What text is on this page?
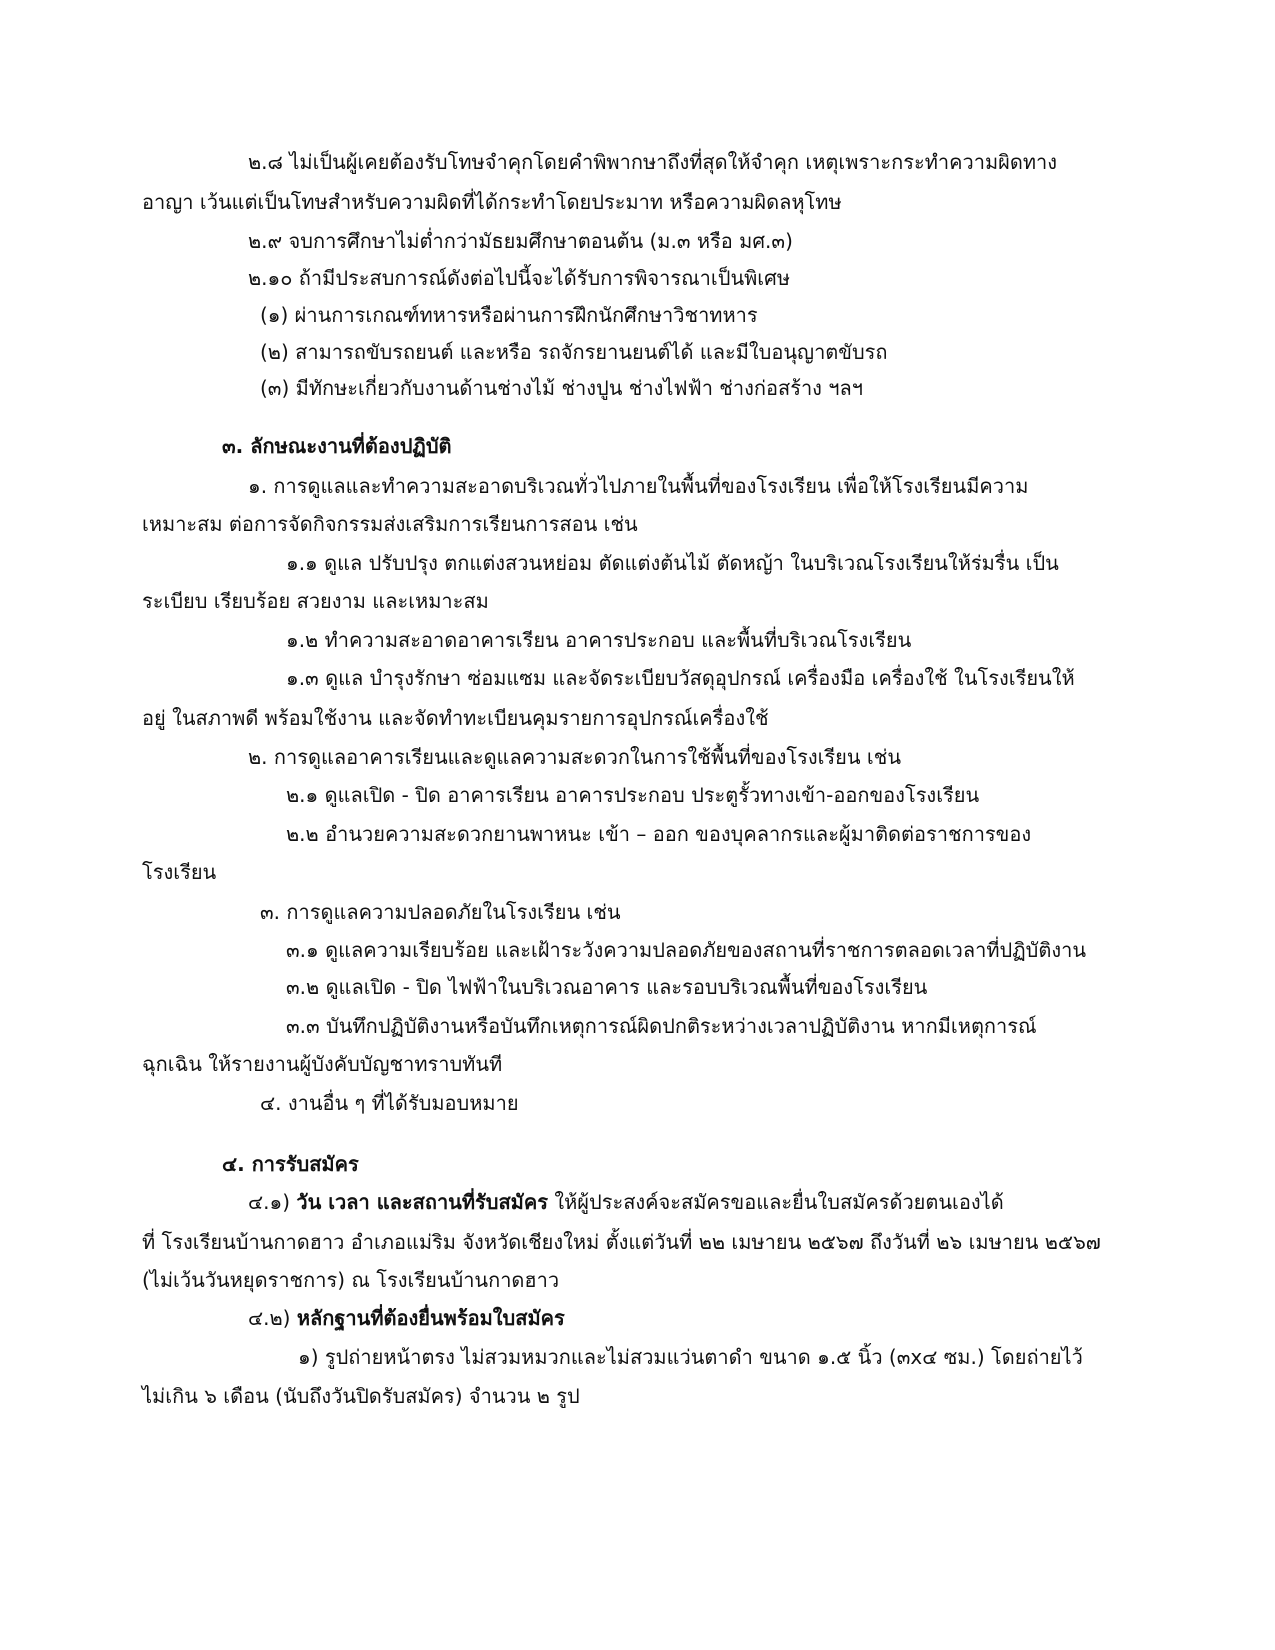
๒.๘ ไม่เป็นผู้เคยต้องรับโทษจำคุกโดยคำพิพากษาถึงที่สุดให้จำคุก เหตุเพราะกระทำความผิดทาง
อาญา เว้นแต่เป็นโทษสำหรับความผิดที่ได้กระทำโดยประมาท หรือความผิดลหุโทษ
๒.๙ จบการศึกษาไม่ต่ำกว่ามัธยมศึกษาตอนต้น (ม.๓ หรือ มศ.๓)
๒.๑๐ ถ้ามีประสบการณ์ดังต่อไปนี้จะได้รับการพิจารณาเป็นพิเศษ
(๑) ผ่านการเกณฑ์ทหารหรือผ่านการฝึกนักศึกษาวิชาทหาร
(๒) สามารถขับรถยนต์ และหรือ รถจักรยานยนต์ได้ และมีใบอนุญาตขับรถ
(๓) มีทักษะเกี่ยวกับงานด้านช่างไม้ ช่างปูน ช่างไฟฟ้า ช่างก่อสร้าง ฯลฯ
๓. ลักษณะงานที่ต้องปฏิบัติ
๑. การดูแลและทำความสะอาดบริเวณทั่วไปภายในพื้นที่ของโรงเรียน เพื่อให้โรงเรียนมีความ
เหมาะสม ต่อการจัดกิจกรรมส่งเสริมการเรียนการสอน เช่น
๑.๑ ดูแล ปรับปรุง ตกแต่งสวนหย่อม ตัดแต่งต้นไม้ ตัดหญ้า ในบริเวณโรงเรียนให้ร่มรื่น เป็น
ระเบียบ เรียบร้อย สวยงาม และเหมาะสม
๑.๒ ทำความสะอาดอาคารเรียน อาคารประกอบ และพื้นที่บริเวณโรงเรียน
๑.๓ ดูแล บำรุงรักษา ซ่อมแซม และจัดระเบียบวัสดุอุปกรณ์ เครื่องมือ เครื่องใช้ ในโรงเรียนให้
อยู่ ในสภาพดี พร้อมใช้งาน และจัดทำทะเบียนคุมรายการอุปกรณ์เครื่องใช้
๒. การดูแลอาคารเรียนและดูแลความสะดวกในการใช้พื้นที่ของโรงเรียน เช่น
๒.๑ ดูแลเปิด - ปิด อาคารเรียน อาคารประกอบ ประตูรั้วทางเข้า-ออกของโรงเรียน
๒.๒ อำนวยความสะดวกยานพาหนะ เข้า – ออก ของบุคลากรและผู้มาติดต่อราชการของ
โรงเรียน
๓. การดูแลความปลอดภัยในโรงเรียน เช่น
๓.๑ ดูแลความเรียบร้อย และเฝ้าระวังความปลอดภัยของสถานที่ราชการตลอดเวลาที่ปฏิบัติงาน
๓.๒ ดูแลเปิด - ปิด ไฟฟ้าในบริเวณอาคาร และรอบบริเวณพื้นที่ของโรงเรียน
๓.๓ บันทึกปฏิบัติงานหรือบันทึกเหตุการณ์ผิดปกติระหว่างเวลาปฏิบัติงาน หากมีเหตุการณ์
ฉุกเฉิน ให้รายงานผู้บังคับบัญชาทราบทันที
๔. งานอื่น ๆ ที่ได้รับมอบหมาย
๔. การรับสมัคร
๔.๑) วัน เวลา และสถานที่รับสมัคร ให้ผู้ประสงค์จะสมัครขอและยื่นใบสมัครด้วยตนเองได้
ที่ โรงเรียนบ้านกาดฮาว อำเภอแม่ริม จังหวัดเชียงใหม่ ตั้งแต่วันที่ ๒๒ เมษายน ๒๕๖๗ ถึงวันที่ ๒๖ เมษายน ๒๕๖๗
(ไม่เว้นวันหยุดราชการ) ณ โรงเรียนบ้านกาดฮาว
๔.๒) หลักฐานที่ต้องยื่นพร้อมใบสมัคร
๑) รูปถ่ายหน้าตรง ไม่สวมหมวกและไม่สวมแว่นตาดำ ขนาด ๑.๕ นิ้ว (๓x๔ ซม.) โดยถ่ายไว้
ไม่เกิน ๖ เดือน (นับถึงวันปิดรับสมัคร) จำนวน ๒ รูป
